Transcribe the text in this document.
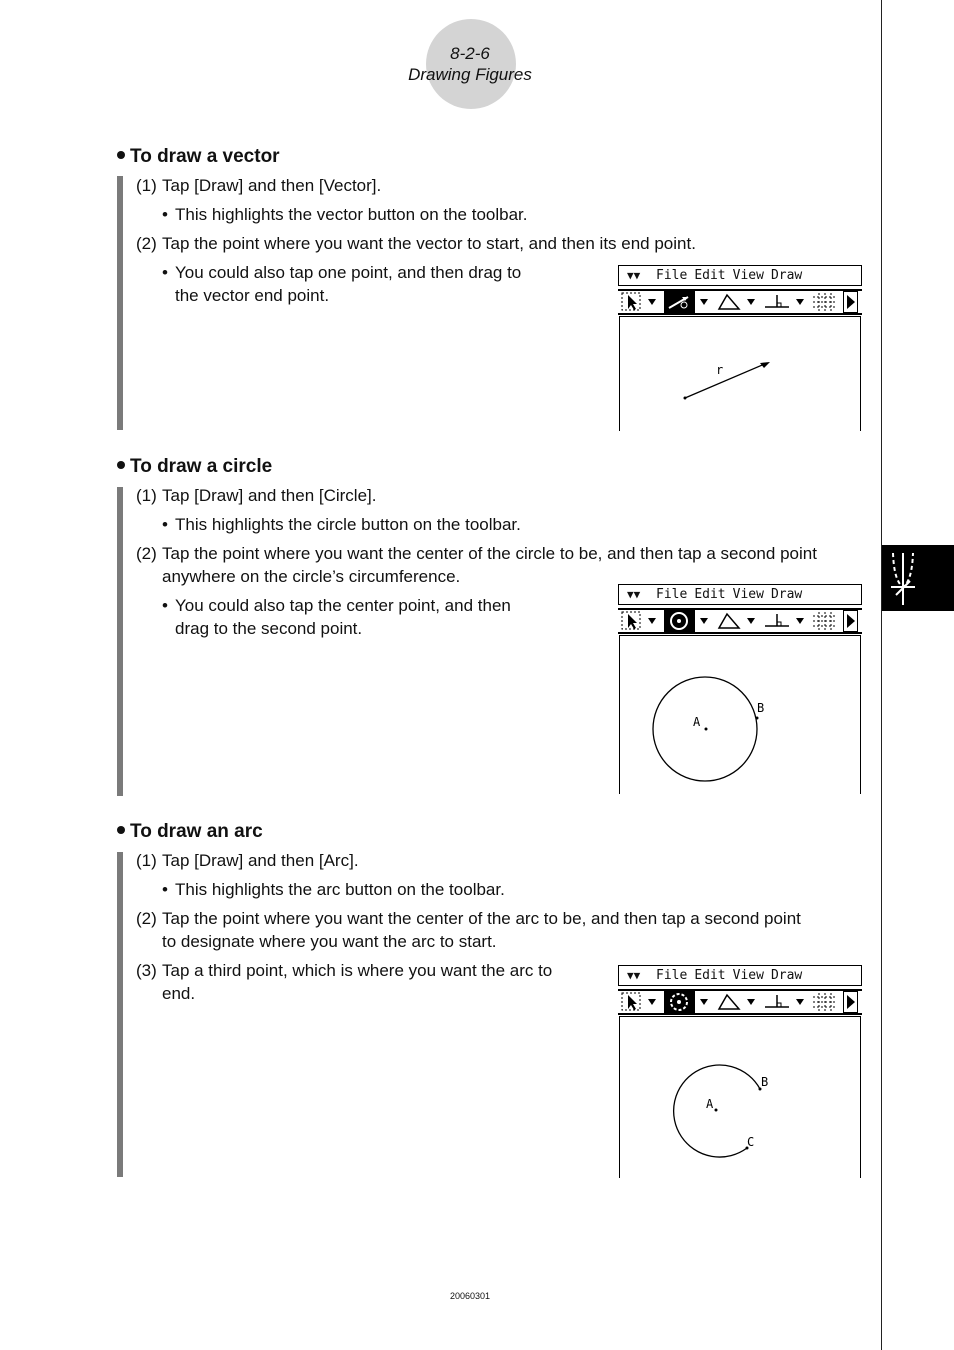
8-2-6
Drawing Figures
To draw a vector
(1) Tap [Draw] and then [Vector].
• This highlights the vector button on the toolbar.
(2) Tap the point where you want the vector to start, and then its end point.
• You could also tap one point, and then drag to
the vector end point.
▼▼ File Edit View Draw
r
To draw a circle
(1) Tap [Draw] and then [Circle].
• This highlights the circle button on the toolbar.
(2) Tap the point where you want the center of the circle to be, and then tap a second point
anywhere on the circle’s circumference.
• You could also tap the center point, and then
drag to the second point.
▼▼ File Edit View Draw
A
B
To draw an arc
(1) Tap [Draw] and then [Arc].
• This highlights the arc button on the toolbar.
(2) Tap the point where you want the center of the arc to be, and then tap a second point
to designate where you want the arc to start.
(3) Tap a third point, which is where you want the arc to
end.
▼▼ File Edit View Draw
A
B
C
20060301
